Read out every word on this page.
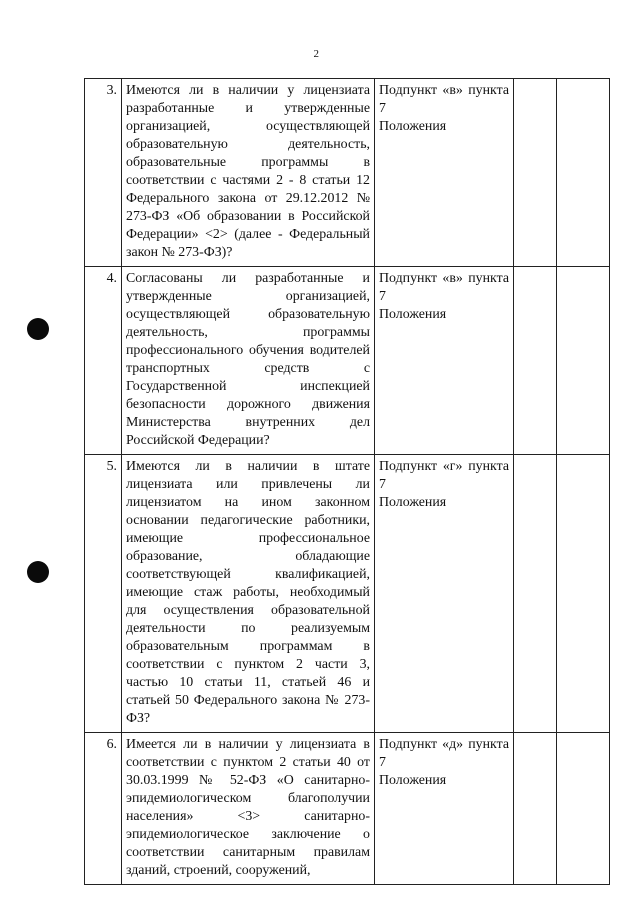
2
3.	Имеются ли в наличии у лицензиата разработанные и утвержденные организацией, осуществляющей образовательную деятельность, образовательные программы в соответствии с частями 2 - 8 статьи 12 Федерального закона от 29.12.2012 № 273-ФЗ «Об образовании в Российской Федерации» <2> (далее - Федеральный закон № 273-ФЗ)?	Подпункт «в» пункта 7
Положения		

4.	Согласованы ли разработанные и утвержденные организацией, осуществляющей образовательную деятельность, программы профессионального обучения водителей транспортных средств с Государственной инспекцией безопасности дорожного движения Министерства внутренних дел Российской Федерации?	Подпункт «в» пункта 7
Положения		

5.	Имеются ли в наличии в штате лицензиата или привлечены ли лицензиатом на ином законном основании педагогические работники, имеющие профессиональное образование, обладающие соответствующей квалификацией, имеющие стаж работы, необходимый для осуществления образовательной деятельности по реализуемым образовательным программам в соответствии с пунктом 2 части 3, частью 10 статьи 11, статьей 46 и статьей 50 Федерального закона № 273-ФЗ?	Подпункт «г» пункта 7
Положения		

6.	Имеется ли в наличии у лицензиата в соответствии с пунктом 2 статьи 40 от 30.03.1999 № 52-ФЗ «О санитарно-эпидемиологическом благополучии населения» <3> санитарно-эпидемиологическое заключение о соответствии санитарным правилам зданий, строений, сооружений,	Подпункт «д» пункта 7
Положения		
